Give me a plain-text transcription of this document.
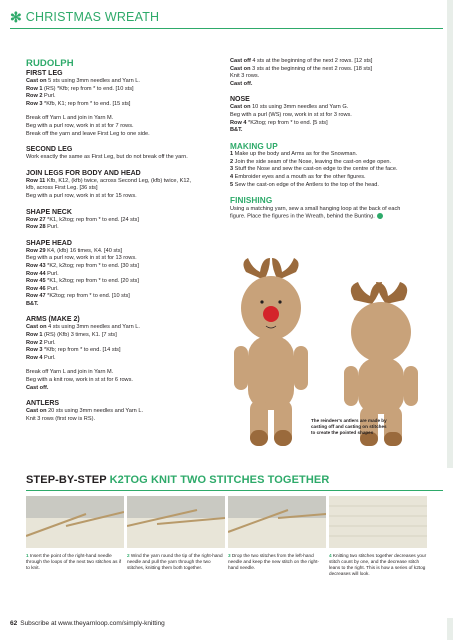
✻ CHRISTMAS WREATH
RUDOLPH
FIRST LEG
Cast on 5 sts using 3mm needles and Yarn L.
Row 1 (RS) *Kfb; rep from * to end. [10 sts]
Row 2 Purl.
Row 3 *Kfb, K1; rep from * to end. [15 sts]
Break off Yarn L and join in Yarn M.
Beg with a purl row, work in st st for 7 rows.
Break off the yarn and leave First Leg to one side.
SECOND LEG
Work exactly the same as First Leg, but do not break off the yarn.
JOIN LEGS FOR BODY AND HEAD
Row 11 Kfb, K12, (kfb) twice, across Second Leg, (kfb) twice, K12,
kfb, across First Leg. [36 sts]
Beg with a purl row, work in st st for 15 rows.
SHAPE NECK
Row 27 *K1, k2tog; rep from * to end. [24 sts]
Row 28 Purl.
SHAPE HEAD
Row 29 K4, (kfb) 16 times, K4. [40 sts]
Beg with a purl row, work in st st for 13 rows.
Row 43 *K2, k2tog; rep from * to end. [30 sts]
Row 44 Purl.
Row 45 *K1, k2tog; rep from * to end. [20 sts]
Row 46 Purl.
Row 47 *K2tog; rep from * to end. [10 sts]
B&T.
ARMS (MAKE 2)
Cast on 4 sts using 3mm needles and Yarn L.
Row 1 (RS) (Kfb) 3 times, K1. [7 sts]
Row 2 Purl.
Row 3 *Kfb; rep from * to end. [14 sts]
Row 4 Purl.
Break off Yarn L and join in Yarn M.
Beg with a knit row, work in st st for 6 rows.
Cast off.
ANTLERS
Cast on 20 sts using 3mm needles and Yarn L.
Knit 3 rows (first row is RS).
Cast off 4 sts at the beginning of the next 2 rows. [12 sts]
Cast on 3 sts at the beginning of the next 2 rows. [18 sts]
Knit 3 rows.
Cast off.
NOSE
Cast on 10 sts using 3mm needles and Yarn G.
Beg with a purl (WS) row, work in st st for 3 rows.
Row 4 *K2tog; rep from * to end. [5 sts]
B&T.
MAKING UP
1 Make up the body and Arms as for the Snowman.
2 Join the side seam of the Nose, leaving the cast-on edge open.
3 Stuff the Nose and sew the cast-on edge to the centre of the face.
4 Embroider eyes and a mouth as for the other figures.
5 Sew the cast-on edge of the Antlers to the top of the head.
FINISHING
Using a matching yarn, sew a small hanging loop at the back of each
figure. Place the figures in the Wreath, behind the Bunting.
The reindeer's antlers are made by casting off and casting on stitches to create the pointed shapes
STEP-BY-STEP K2TOG KNIT TWO STITCHES TOGETHER
1 Insert the point of the right-hand needle through the loops of the next two stitches as if to knit.
2 Wind the yarn round the tip of the right-hand needle and pull the yarn through the two stitches, knitting them both together.
3 Drop the two stitches from the left-hand needle and keep the new stitch on the right-hand needle.
4 Knitting two stitches together decreases your stitch count by one, and the decrease stitch leans to the right. This is how a series of k2tog decreases will look.
62 Subscribe at www.theyarnloop.com/simply-knitting
